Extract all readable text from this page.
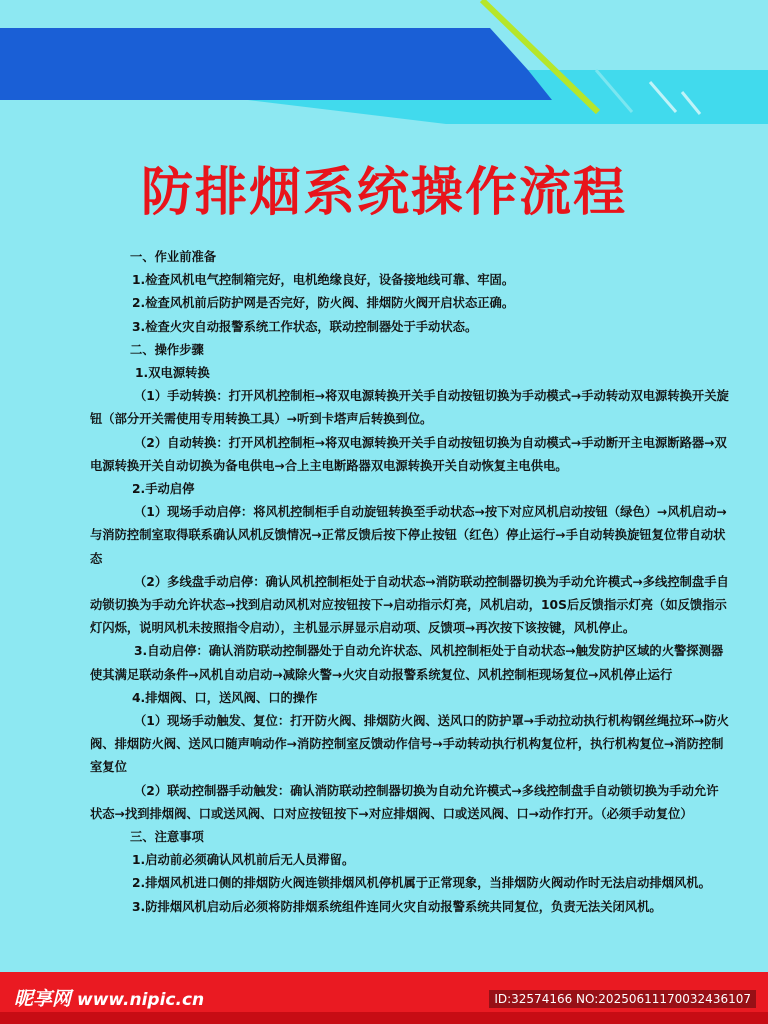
防排烟系统操作流程

一、作业前准备

1.检查风机电气控制箱完好，电机绝缘良好，设备接地线可靠、牢固。

2.检查风机前后防护网是否完好，防火阀、排烟防火阀开启状态正确。

3.检查火灾自动报警系统工作状态，联动控制器处于手动状态。

二、操作步骤

1.双电源转换

（1）手动转换：打开风机控制柜→将双电源转换开关手自动按钮切换为手动模式→手动转动双电源转换开关旋钮（部分开关需使用专用转换工具）→听到卡塔声后转换到位。

（2）自动转换：打开风机控制柜→将双电源转换开关手自动按钮切换为自动模式→手动断开主电源断路器→双电源转换开关自动切换为备电供电→合上主电断路器双电源转换开关自动恢复主电供电。

2.手动启停

（1）现场手动启停：将风机控制柜手自动旋钮转换至手动状态→按下对应风机启动按钮（绿色）→风机启动→与消防控制室取得联系确认风机反馈情况→正常反馈后按下停止按钮（红色）停止运行→手自动转换旋钮复位带自动状态

（2）多线盘手动启停：确认风机控制柜处于自动状态→消防联动控制器切换为手动允许模式→多线控制盘手自动锁切换为手动允许状态→找到启动风机对应按钮按下→启动指示灯亮，风机启动，10S后反馈指示灯亮（如反馈指示灯闪烁，说明风机未按照指令启动），主机显示屏显示启动项、反馈项→再次按下该按键，风机停止。

3.自动启停：确认消防联动控制器处于自动允许状态、风机控制柜处于自动状态→触发防护区域的火警探测器使其满足联动条件→风机自动启动→减除火警→火灾自动报警系统复位、风机控制柜现场复位→风机停止运行

4.排烟阀、口，送风阀、口的操作

（1）现场手动触发、复位：打开防火阀、排烟防火阀、送风口的防护罩→手动拉动执行机构钢丝绳拉环→防火阀、排烟防火阀、送风口随声响动作→消防控制室反馈动作信号→手动转动执行机构复位杆，执行机构复位→消防控制室复位

（2）联动控制器手动触发：确认消防联动控制器切换为自动允许模式→多线控制盘手自动锁切换为手动允许状态→找到排烟阀、口或送风阀、口对应按钮按下→对应排烟阀、口或送风阀、口→动作打开。（必须手动复位）

三、注意事项

1.启动前必须确认风机前后无人员滞留。

2.排烟风机进口侧的排烟防火阀连锁排烟风机停机属于正常现象，当排烟防火阀动作时无法启动排烟风机。

3.防排烟风机启动后必须将防排烟系统组件连同火灾自动报警系统共同复位，负责无法关闭风机。

昵享网 www.nipic.cn	ID:32574166 NO:20250611170032436107
